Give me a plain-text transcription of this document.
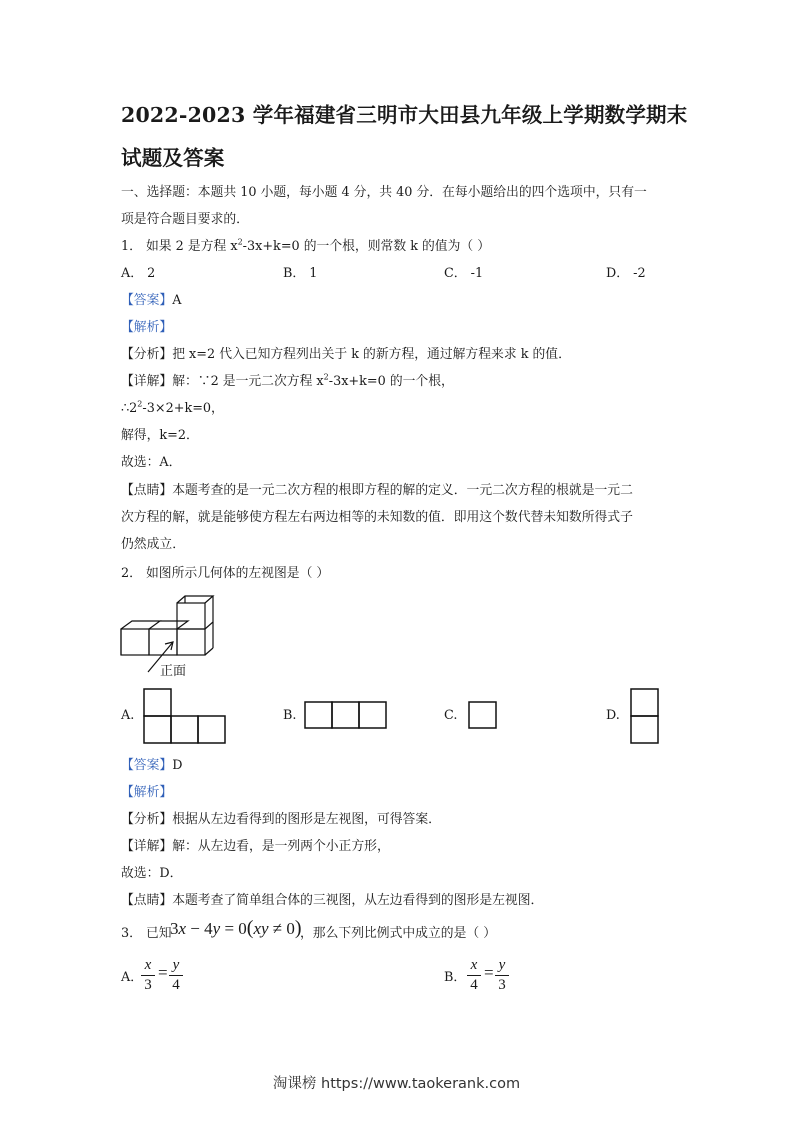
2022-2023 学年福建省三明市大田县九年级上学期数学期末
试题及答案
一、选择题：本题共 10 小题，每小题 4 分，共 40 分．在每小题给出的四个选项中，只有一
项是符合题目要求的．
1． 如果 2 是方程 $x^2-3x+k=0$ 的一个根，则常数 k 的值为（ ）
A． 2	B． 1	C． -1	D． -2
【答案】A
【解析】
【分析】把 x=2 代入已知方程列出关于 k 的新方程，通过解方程来求 k 的值．
【详解】解：∵2 是一元二次方程 $x^2-3x+k=0$ 的一个根，
$\therefore 2^2-3\times 2+k=0$，
解得，k=2．
故选：A．
【点睛】本题考查的是一元二次方程的根即方程的解的定义．一元二次方程的根就是一元二
次方程的解，就是能够使方程左右两边相等的未知数的值．即用这个数代替未知数所得式子
仍然成立．
2． 如图所示几何体的左视图是（ ）
正面
A.	B.	C.	D.
【答案】D
【解析】
【分析】根据从左边看得到的图形是左视图，可得答案．
【详解】解：从左边看，是一列两个小正方形，
故选：D．
【点睛】本题考查了简单组合体的三视图，从左边看得到的图形是左视图．
3． 已知
3x − 4y = 0(xy ≠ 0)
，那么下列比例式中成立的是（ ）
A．
x
3
= y
4	B．
x
4
= y
3
淘课榜 https://www.taokerank.com
